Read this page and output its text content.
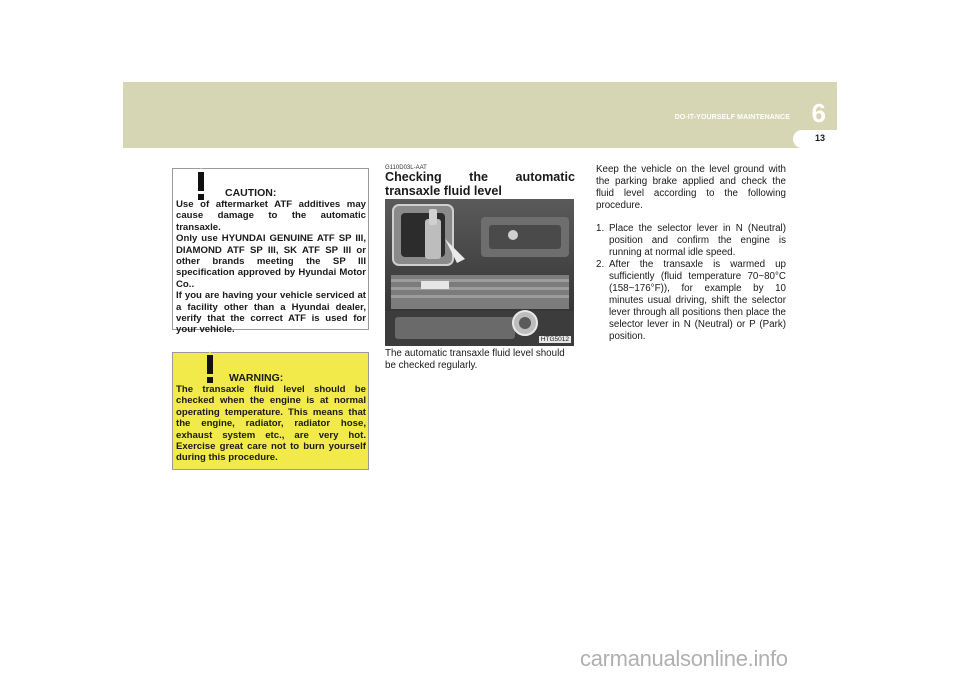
DO-IT-YOURSELF MAINTENANCE 6
13
CAUTION:

Use of aftermarket ATF additives may cause damage to the automatic transaxle.
Only use HYUNDAI GENUINE ATF SP III, DIAMOND ATF SP III, SK ATF SP III or other brands meeting the SP III specification approved by Hyundai Motor Co..
If you are having your vehicle serviced at a facility other than a Hyundai dealer, verify that the correct ATF is used for your vehicle.

WARNING:

The transaxle fluid level should be checked when the engine is at normal operating temperature. This means that the engine, radiator, radiator hose, exhaust system etc., are very hot. Exercise great care not to burn yourself during this procedure.

G110D03L-AAT
Checking the automatic transaxle fluid level
HTG5012

The automatic transaxle fluid level should be checked regularly.

Keep the vehicle on the level ground with the parking brake applied and check the fluid level according to the following procedure.

1. Place the selector lever in N (Neutral) position and confirm the engine is running at normal idle speed.
2. After the transaxle is warmed up sufficiently (fluid temperature 70~80°C (158~176°F)), for example by 10 minutes usual driving, shift the selector lever through all positions then place the selector lever in N (Neutral) or P (Park) position.
carmanualsonline.info
